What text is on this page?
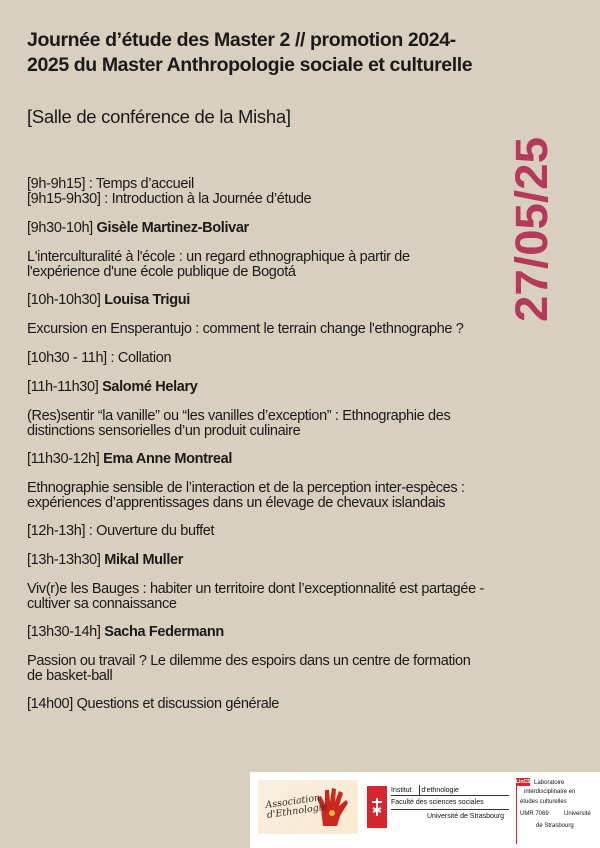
Journée d’étude des Master 2 // promotion 2024-
2025 du Master Anthropologie sociale et culturelle
[Salle de conférence de la Misha]
27/05/25
[9h-9h15] : Temps d’accueil
[9h15-9h30] : Introduction à la Journée d’étude
[9h30-10h] Gisèle Martinez-Bolivar
L'interculturalité à l'école : un regard ethnographique à partir de
l'expérience d'une école publique de Bogotá
[10h-10h30] Louisa Trigui
Excursion en Ensperantujo : comment le terrain change l'ethnographe ?
[10h30 - 11h] : Collation
[11h-11h30] Salomé Helary
(Res)sentir “la vanille” ou “les vanilles d’exception” : Ethnographie des
distinctions sensorielles d’un produit culinaire
[11h30-12h] Ema Anne Montreal
Ethnographie sensible de l’interaction et de la perception inter-espèces :
expériences d’apprentissages dans un élevage de chevaux islandais
[12h-13h] : Ouverture du buffet
[13h-13h30] Mikal Muller
Viv(r)e les Bauges : habiter un territoire dont l’exceptionnalité est partagée -
cultiver sa connaissance
[13h30-14h] Sacha Federmann
Passion ou travail ? Le dilemme des espoirs dans un centre de formation
de basket-ball
[14h00] Questions et discussion générale
Association d'Ethnologie
Institut d'ethnologie
Faculté des sciences sociales
Université de Strasbourg
LinCS Laboratoire
interdisciplinaire en
études culturelles
UMR 7069	Université
de Strasbourg
